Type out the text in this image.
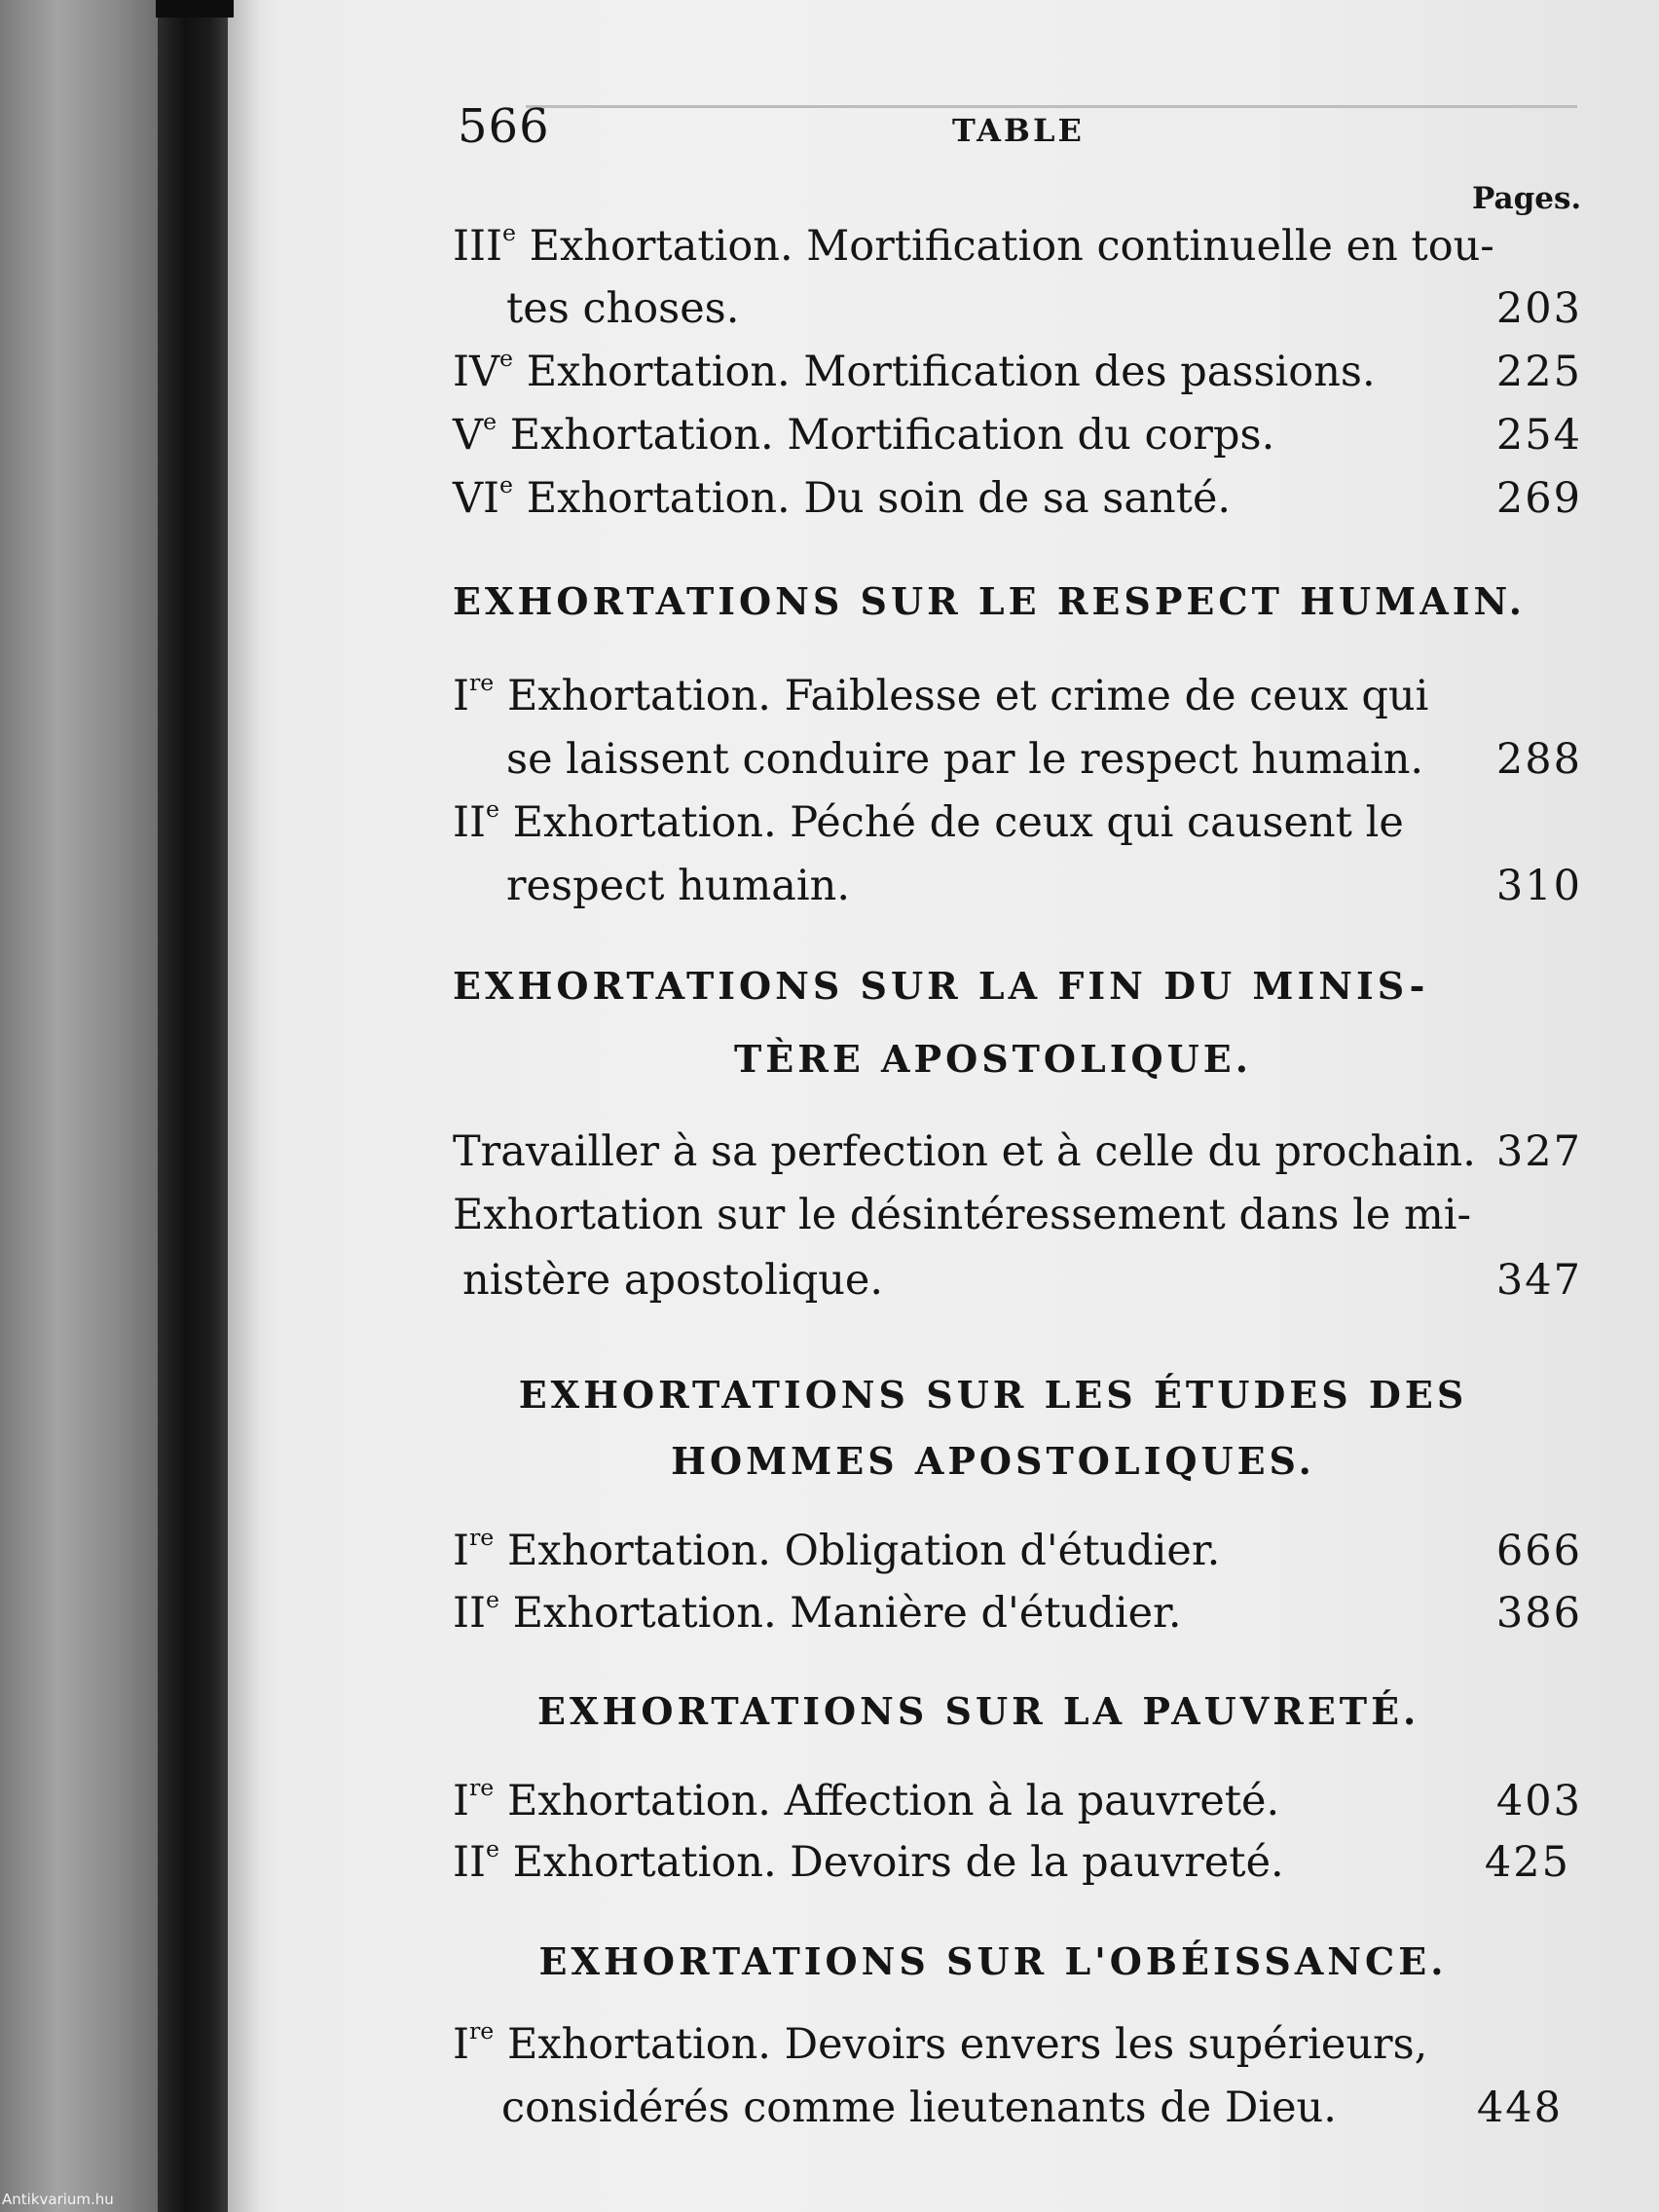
566	TABLE
Pages.
IIIe Exhortation. Mortification continuelle en tou-
tes choses.	203
IVe Exhortation. Mortification des passions.	225
Ve Exhortation. Mortification du corps.	254
VIe Exhortation. Du soin de sa santé.	269
EXHORTATIONS SUR LE RESPECT HUMAIN.
Ire Exhortation. Faiblesse et crime de ceux qui
se laissent conduire par le respect humain. 288
IIe Exhortation. Péché de ceux qui causent le
respect humain.	310
EXHORTATIONS SUR LA FIN DU MINIS-
TÈRE APOSTOLIQUE.
Travailler à sa perfection et à celle du prochain. 327
Exhortation sur le désintéressement dans le mi-
nistère apostolique.	347
EXHORTATIONS SUR LES ÉTUDES DES
HOMMES APOSTOLIQUES.
Ire Exhortation. Obligation d'étudier.	666
IIe Exhortation. Manière d'étudier.	386
EXHORTATIONS SUR LA PAUVRETÉ.
Ire Exhortation. Affection à la pauvreté.	403
IIe Exhortation. Devoirs de la pauvreté.	425
EXHORTATIONS SUR L'OBÉISSANCE.
Ire Exhortation. Devoirs envers les supérieurs,
considérés comme lieutenants de Dieu.	448
Antikvarium.hu
